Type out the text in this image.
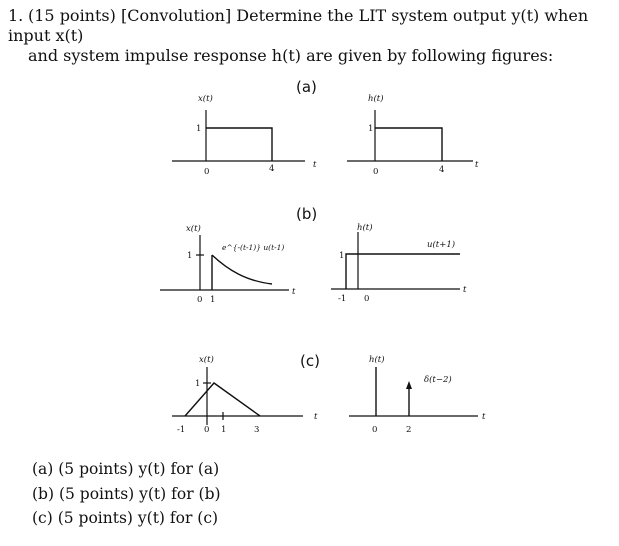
1. (15 points) [Convolution] Determine the LIT system output y(t) when input x(t)
and system impulse response h(t) are given by following figures:
(a)
(b)
(c)
x(t)
1
0	4	t
h(t)
1
0	4	t
x(t)
1
0 1
t
e^{-(t-1)} u(t-1)
h(t)
1
-1 0
t
u(t+1)
x(t)
1
-1 0 1	3
t
h(t)
0	2
t
δ(t−2)
(a) (5 points) y(t) for (a)
(b) (5 points) y(t) for (b)
(c) (5 points) y(t) for (c)
